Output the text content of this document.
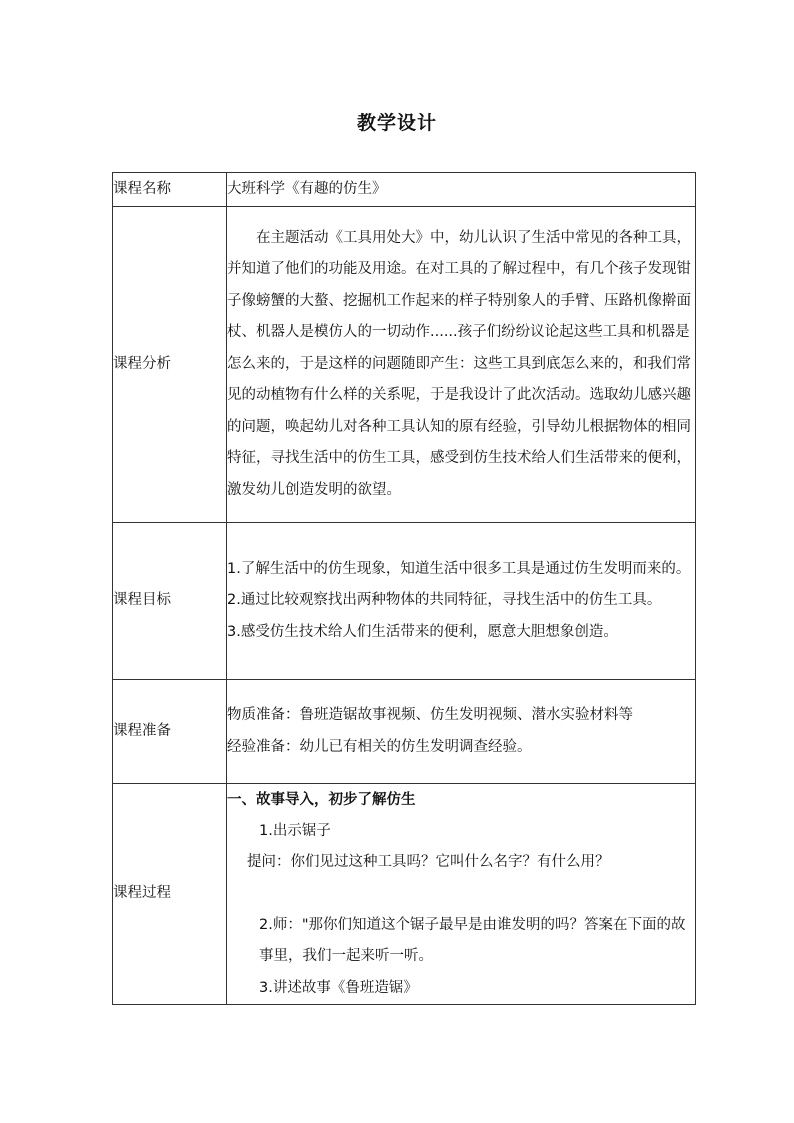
教学设计
课程名称	大班科学《有趣的仿生》
课程分析	在主题活动《工具用处大》中，幼儿认识了生活中常见的各种工具，并知道了他们的功能及用途。在对工具的了解过程中，有几个孩子发现钳子像螃蟹的大螯、挖掘机工作起来的样子特别象人的手臂、压路机像擀面杖、机器人是模仿人的一切动作......孩子们纷纷议论起这些工具和机器是怎么来的，于是这样的问题随即产生：这些工具到底怎么来的，和我们常见的动植物有什么样的关系呢，于是我设计了此次活动。选取幼儿感兴趣的问题，唤起幼儿对各种工具认知的原有经验，引导幼儿根据物体的相同特征，寻找生活中的仿生工具，感受到仿生技术给人们生活带来的便利，激发幼儿创造发明的欲望。

课程目标	1.了解生活中的仿生现象，知道生活中很多工具是通过仿生发明而来的。

2.通过比较观察找出两种物体的共同特征，寻找生活中的仿生工具。

3.感受仿生技术给人们生活带来的便利，愿意大胆想象创造。

课程准备	物质准备：鲁班造锯故事视频、仿生发明视频、潜水实验材料等

经验准备：幼儿已有相关的仿生发明调查经验。

课程过程	一、故事导入，初步了解仿生

1.出示锯子

提问：你们见过这种工具吗？它叫什么名字？有什么用？

2.师："那你们知道这个锯子最早是由谁发明的吗？答案在下面的故事里，我们一起来听一听。

3.讲述故事《鲁班造锯》
